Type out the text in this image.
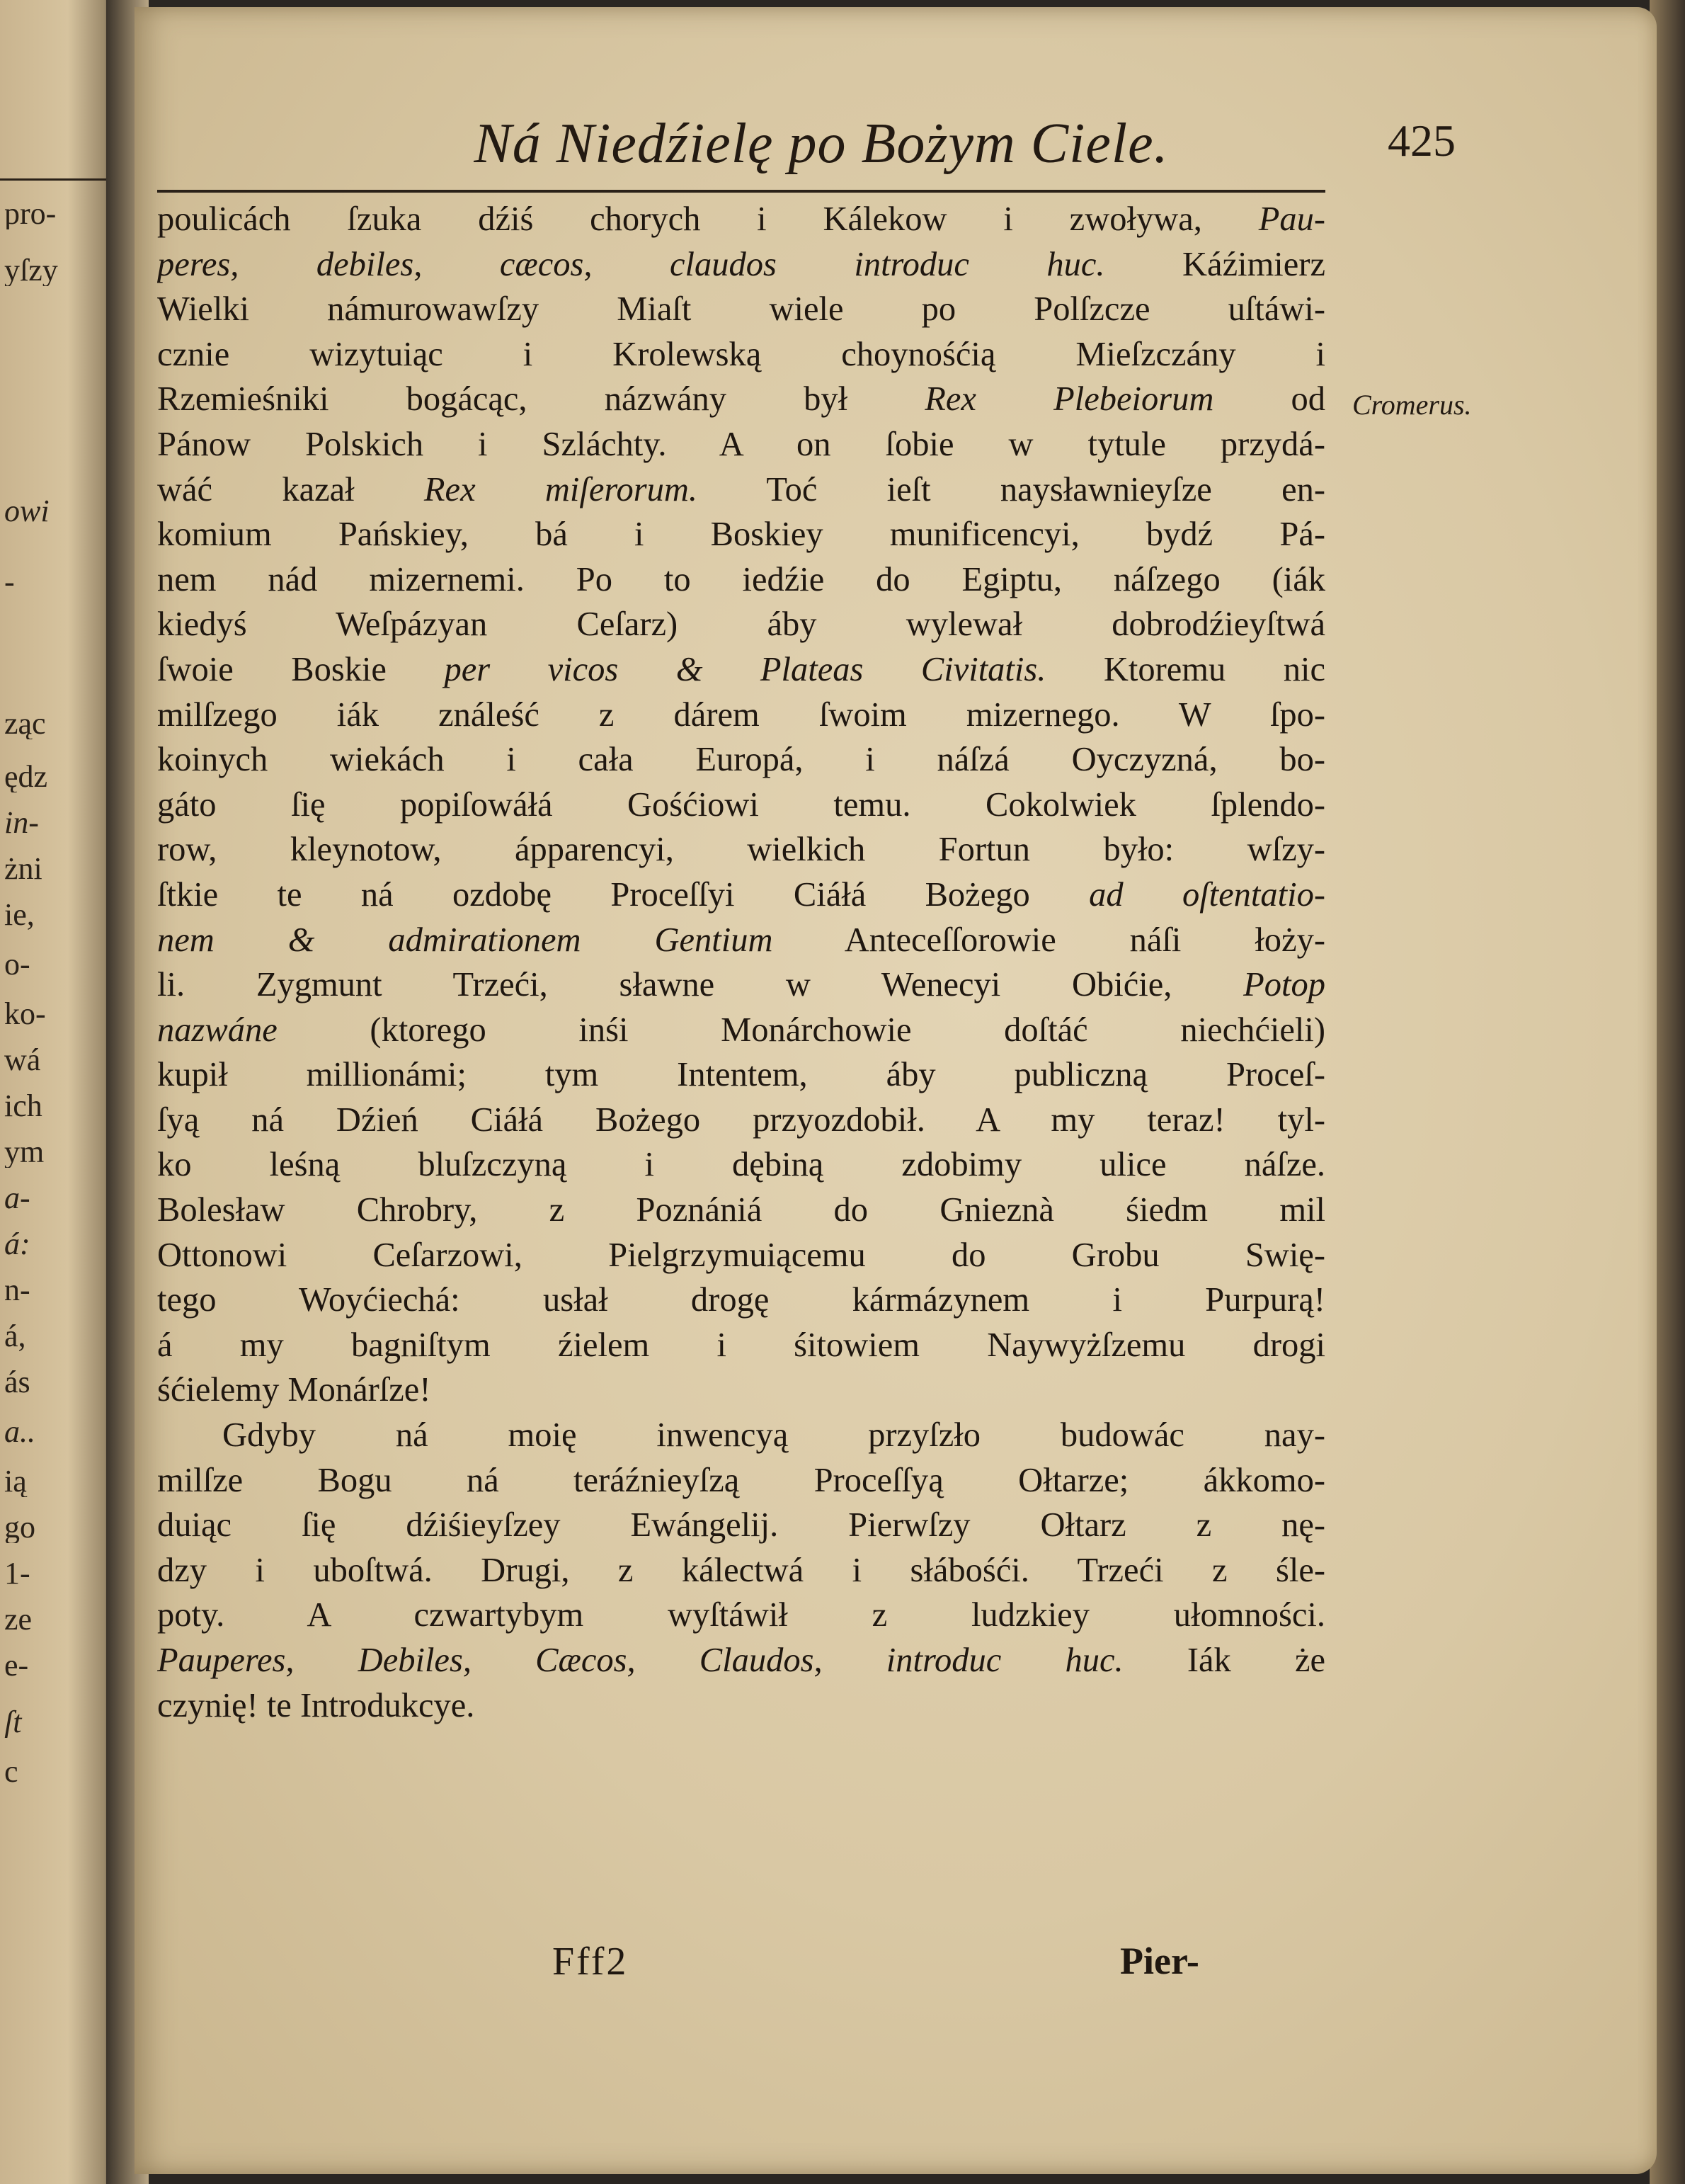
pro-
yſzy
owi
-
ząc
ędz
in-
żni
ie,
o-
ko-
wá
ich
ym
a-
á:
n-
á,
ás
a..
ią
go
1-
ze
e-
ſt
c
Ná Niedźielę po Bożym Ciele.	425
Cromerus.
poulicách ſzuka dźiś chorych i Kálekow i zwoływa, Pau-
peres, debiles, cæcos, claudos introduc huc. Káźimierz
Wielki námurowawſzy Miaſt wiele po Polſzcze uſtáwi-
cznie wizytuiąc i Krolewską choynośćią Mieſzczány i
Rzemieśniki bogácąc, názwány był Rex Plebeiorum od
Pánow Polskich i Szláchty. A on ſobie w tytule przydá-
wáć kazał Rex miſerorum. Toć ieſt naysławnieyſze en-
komium Pańskiey, bá i Boskiey munificencyi, bydź Pá-
nem nád mizernemi. Po to iedźie do Egiptu, náſzego (iák
kiedyś Weſpázyan Ceſarz) áby wylewał dobrodźieyſtwá
ſwoie Boskie per vicos & Plateas Civitatis. Ktoremu nic
milſzego iák ználeść z dárem ſwoim mizernego. W ſpo-
koinych wiekách i cała Europá, i náſzá Oyczyzná, bo-
gáto ſię popiſowáłá Gośćiowi temu. Cokolwiek ſplendo-
row, kleynotow, ápparencyi, wielkich Fortun było: wſzy-
ſtkie te ná ozdobę Proceſſyi Ciáłá Bożego ad oſtentatio-
nem & admirationem Gentium Anteceſſorowie náſi łoży-
li. Zygmunt Trzeći, sławne w Wenecyi Obićie, Potop
nazwáne (ktorego inśi Monárchowie doſtáć niechćieli)
kupił millionámi; tym Intentem, áby publiczną Proceſ-
ſyą ná Dźień Ciáłá Bożego przyozdobił. A my teraz! tyl-
ko leśną bluſzczyną i dębiną zdobimy ulice náſze.
Bolesław Chrobry, z Poznániá do Gnieznà śiedm mil
Ottonowi Ceſarzowi, Pielgrzymuiącemu do Grobu Swię-
tego Woyćiechá: usłał drogę kármázynem i Purpurą!
á my bagniſtym źielem i śitowiem Naywyżſzemu drogi
śćielemy Monárſze!
Gdyby ná moię inwencyą przyſzło budowác nay-
milſze Bogu ná teráźnieyſzą Proceſſyą Ołtarze; ákkomo-
duiąc ſię dźiśieyſzey Ewángelij. Pierwſzy Ołtarz z nę-
dzy i uboſtwá. Drugi, z kálectwá i słábośći. Trzeći z śle-
poty. A czwartybym wyſtáwił z ludzkiey ułomności.
Pauperes, Debiles, Cæcos, Claudos, introduc huc. Iák że
czynię! te Introdukcye.
Fff2	Pier-
